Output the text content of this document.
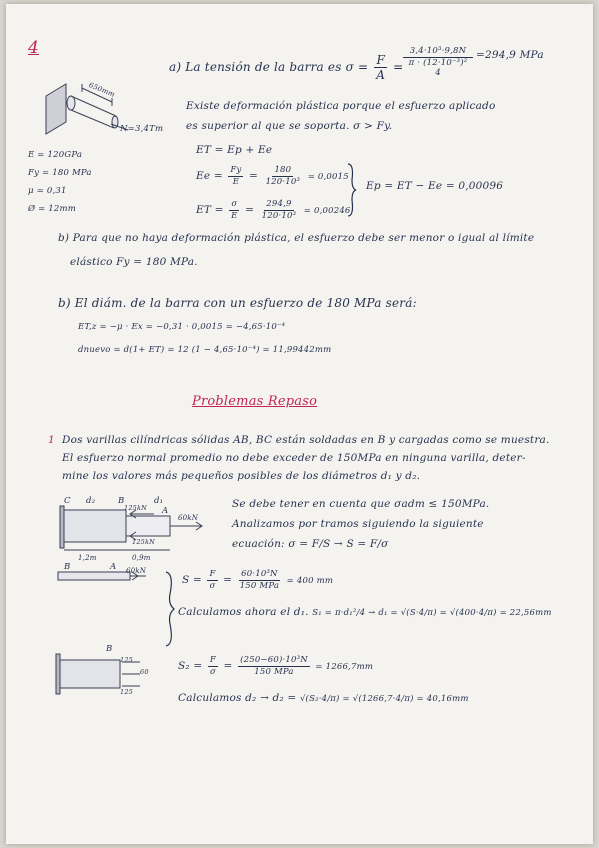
4
a) La tensión de la barra es $\sigma = \frac{F}{A}$ =
3,4·10³·9,8N
π · (12·10⁻³)²
4
=294,9 MPa
650mm
N=3,4Tm
E = 120GPa
Fy = 180 MPa
μ = 0,31
Ø = 12mm
Existe deformación plástica porque el esfuerzo aplicado
es superior al que se soporta. σ > Fy.
ET = Ep + Ee
$Ee = \frac{Fy}{E} = \frac{180}{\text{120·10³}} = 0,0015$
ET = $\frac{\sigma}{E} = \frac{294,9}{\text{120·10³}} = 0,00246$
Ep = ET − Ee = 0,00096
b) Para que no haya deformación plástica, el esfuerzo debe ser menor o igual al límite
elástico Fy = 180 MPa.
b) El diám. de la barra con un esfuerzo de 180 MPa será:
ET,z = −μ · Ex = −0,31 · 0,0015 = −4,65·10⁻⁴
dnuevo = d(1+ ET) = 12 (1 − 4,65·10⁻⁴) = 11,99442mm
Problemas Repaso
1 Dos varillas cilíndricas sólidas AB, BC están soldadas en B y cargadas como se muestra.
El esfuerzo normal promedio no debe exceder de 150MPa en ninguna varilla, deter-
mine los valores más pequeños posibles de los diámetros d₁ y d₂.
C d₂	B	d₁
A
125kN
125kN
60kN
1,2m	0,9m
Se debe tener en cuenta que σadm ≤ 150MPa.
Analizamos por tramos siguiendo la siguiente
ecuación: σ = F/S → S = F/σ
B	A 60kN
$S = \frac{F}{\sigma} = \frac{\text{60·10³N}}{\text{150 MPa}} = 400$ mm
Calculamos ahora el d₁. S₁ = π·d₁²/4 → d₁ = √(S·4/π) = √(400·4/π) = 22,56mm
B
125
60
125
$S_2 = \frac{F}{\sigma} = \frac{\text{(250−60)·10³N}}{\text{150 MPa}} = 1266,7mm$
Calculamos d₂ → d₂ = √(S₂·4/π) = √(1266,7·4/π) = 40,16mm
